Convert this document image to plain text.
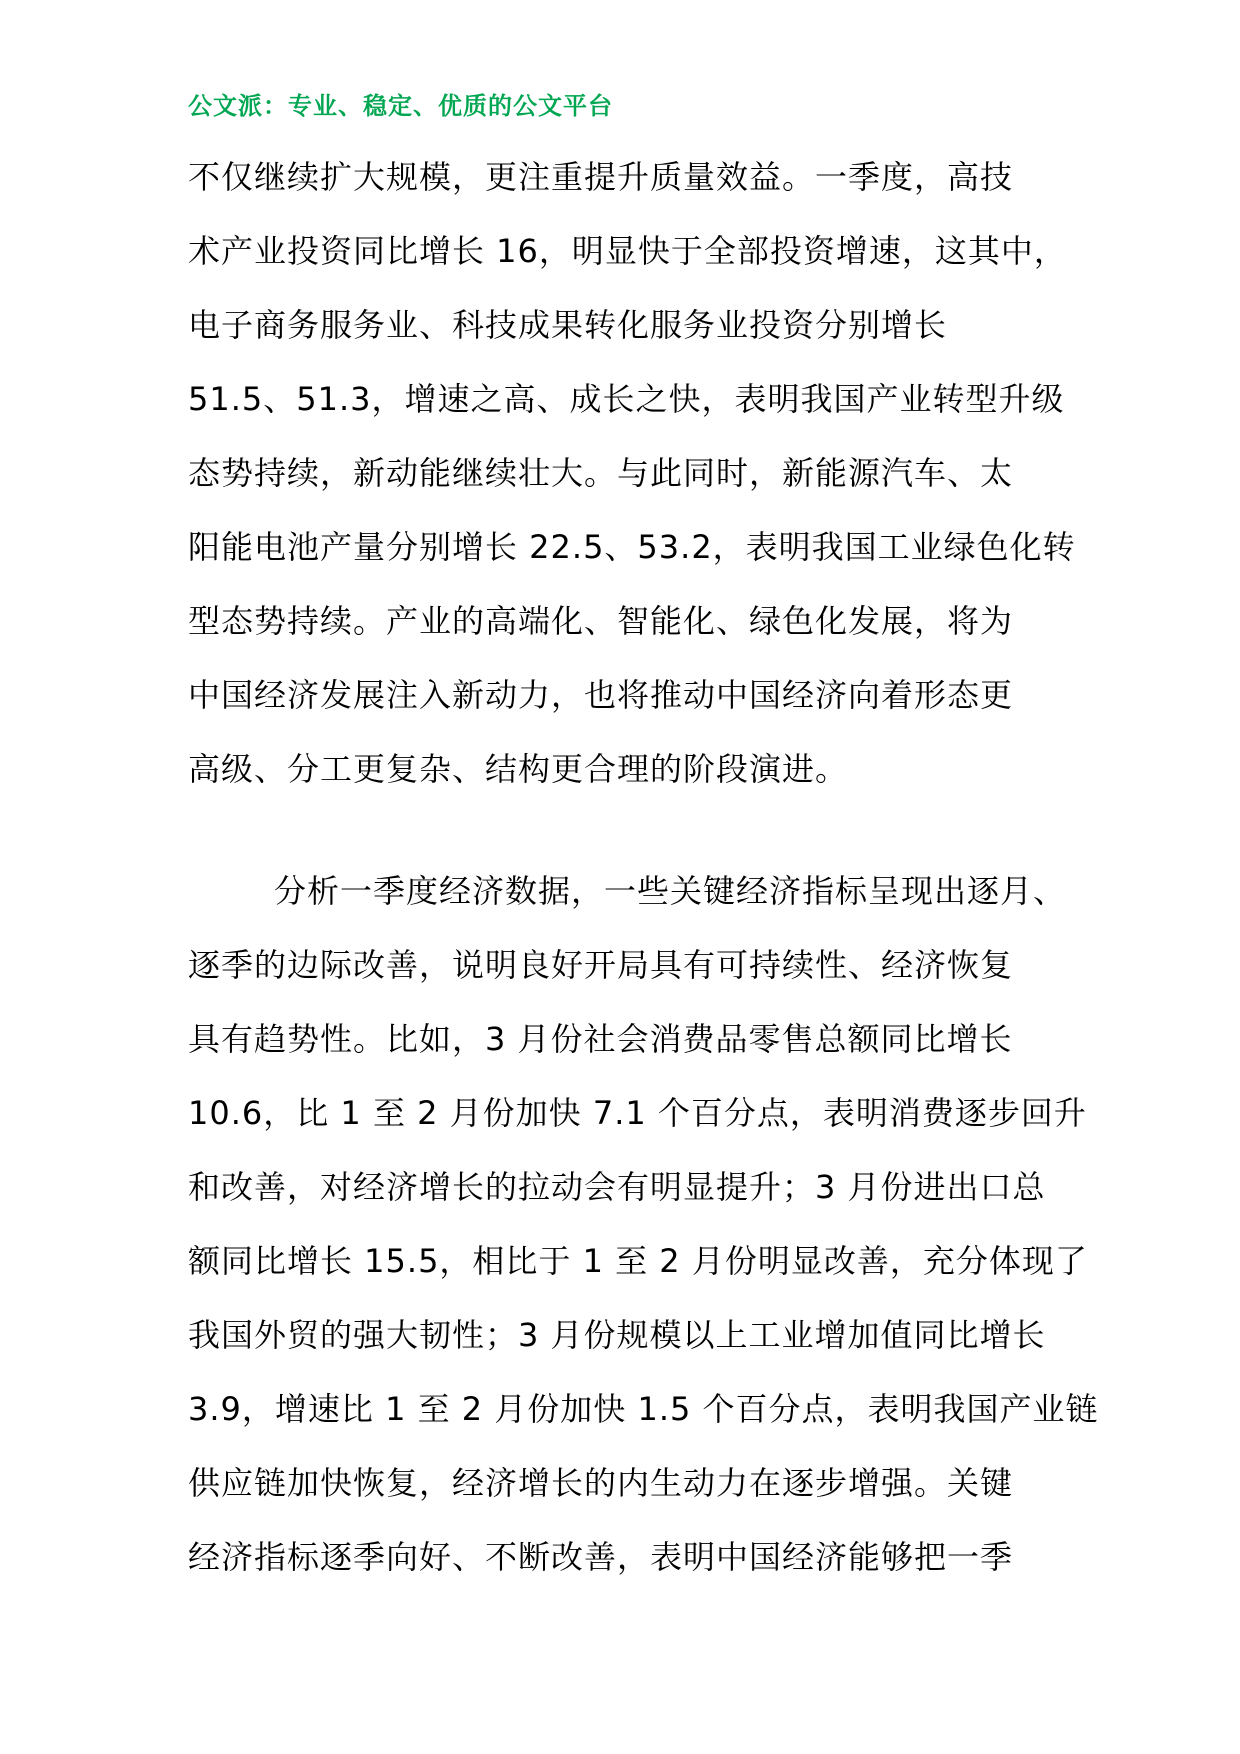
公文派：专业、稳定、优质的公文平台
不仅继续扩大规模，更注重提升质量效益。一季度，高技
术产业投资同比增长 16，明显快于全部投资增速，这其中，
电子商务服务业、科技成果转化服务业投资分别增长
51.5、51.3，增速之高、成长之快，表明我国产业转型升级
态势持续，新动能继续壮大。与此同时，新能源汽车、太
阳能电池产量分别增长 22.5、53.2，表明我国工业绿色化转
型态势持续。产业的高端化、智能化、绿色化发展，将为
中国经济发展注入新动力，也将推动中国经济向着形态更
高级、分工更复杂、结构更合理的阶段演进。
分析一季度经济数据，一些关键经济指标呈现出逐月、
逐季的边际改善，说明良好开局具有可持续性、经济恢复
具有趋势性。比如，3 月份社会消费品零售总额同比增长
10.6，比 1 至 2 月份加快 7.1 个百分点，表明消费逐步回升
和改善，对经济增长的拉动会有明显提升；3 月份进出口总
额同比增长 15.5，相比于 1 至 2 月份明显改善，充分体现了
我国外贸的强大韧性；3 月份规模以上工业增加值同比增长
3.9，增速比 1 至 2 月份加快 1.5 个百分点，表明我国产业链
供应链加快恢复，经济增长的内生动力在逐步增强。关键
经济指标逐季向好、不断改善，表明中国经济能够把一季
